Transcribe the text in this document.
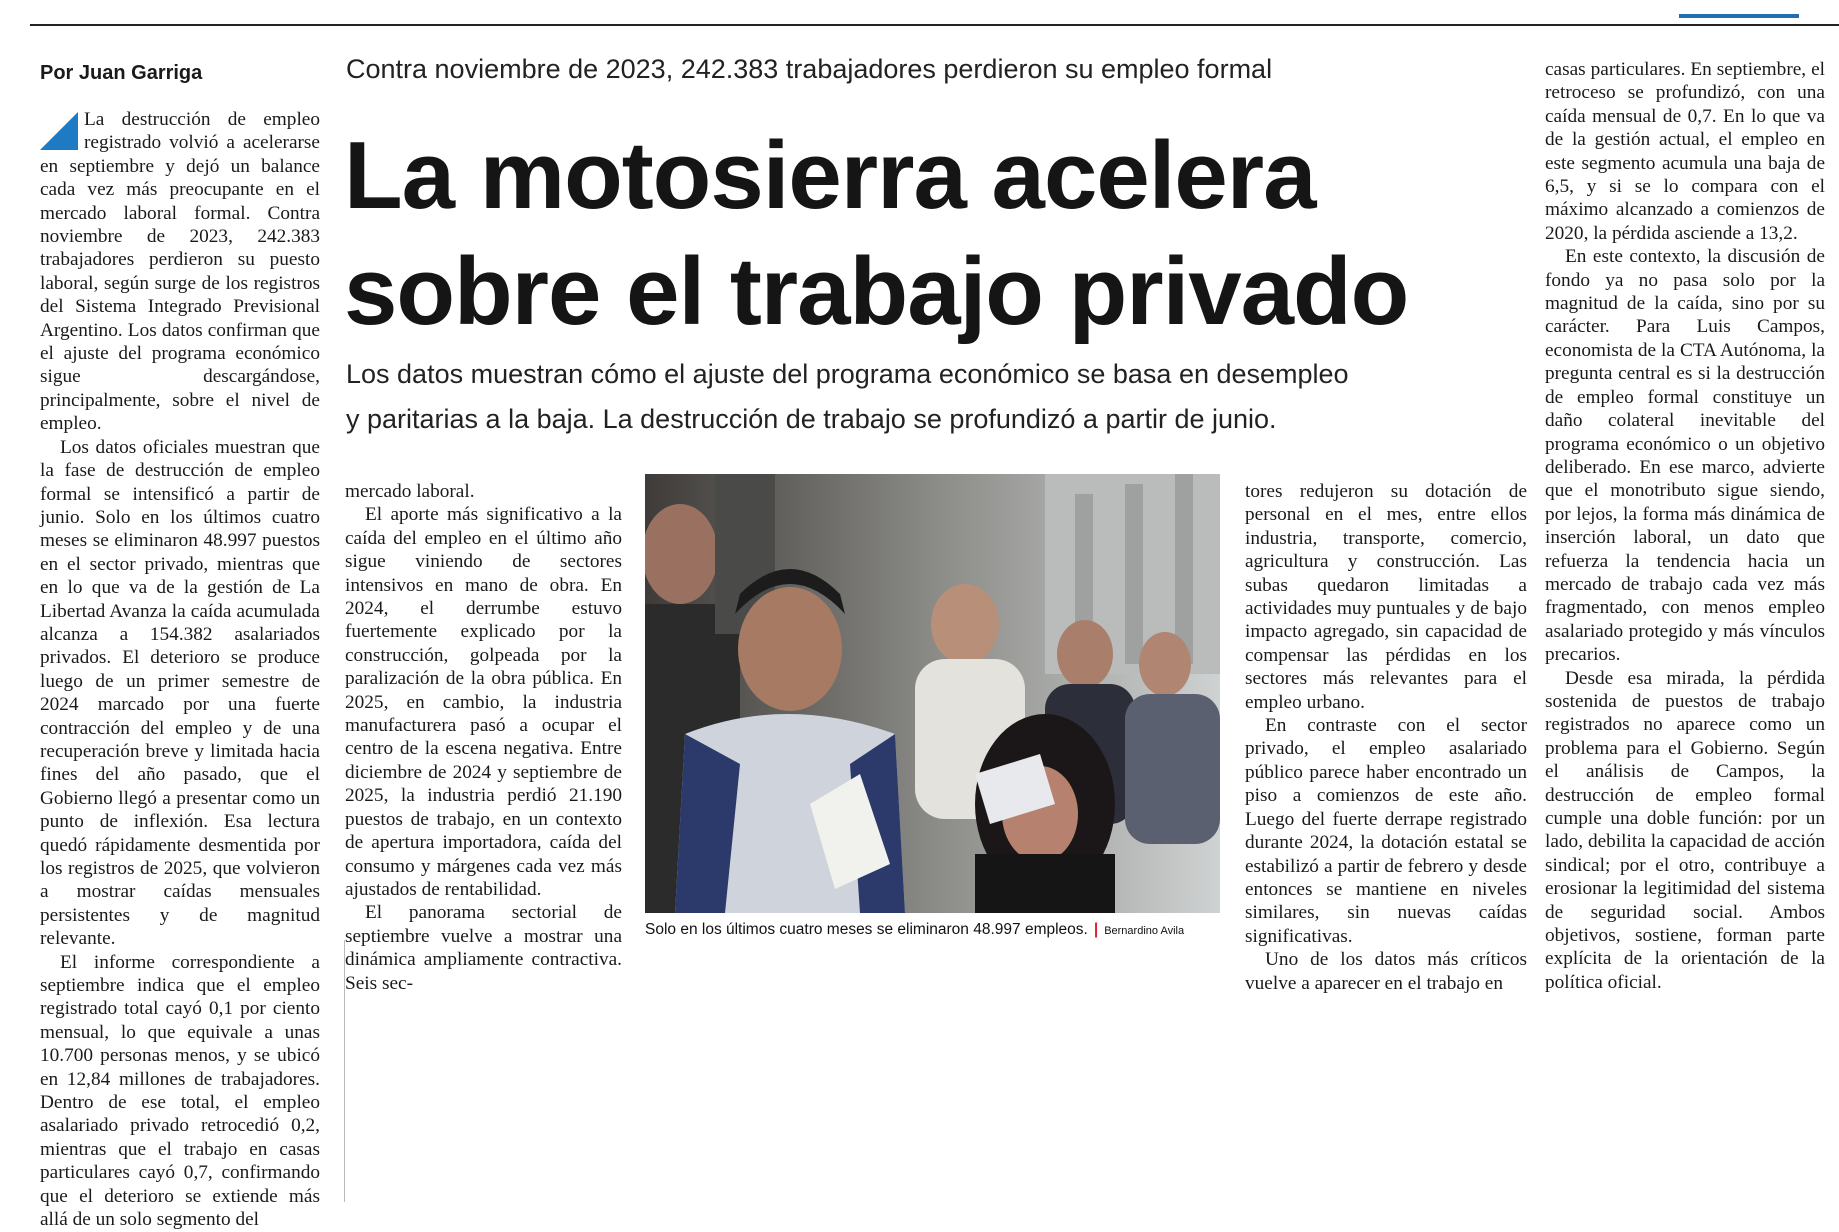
Por Juan Garriga	Contra noviembre de 2023, 242.383 trabajadores perdieron su empleo formal
La motosierra acelera
sobre el trabajo privado
Los datos muestran cómo el ajuste del programa económico se basa en desempleo
y paritarias a la baja. La destrucción de trabajo se profundizó a partir de junio.

La destrucción de empleo registrado volvió a acelerarse en septiembre y dejó un balance cada vez más preocupante en el mercado laboral formal. Contra noviembre de 2023, 242.383 trabajadores perdieron su puesto laboral, según surge de los registros del Sistema Integrado Previsional Argentino. Los datos confirman que el ajuste del programa económico sigue descargándose, principalmente, sobre el nivel de empleo.

Los datos oficiales muestran que la fase de destrucción de empleo formal se intensificó a partir de junio. Solo en los últimos cuatro meses se eliminaron 48.997 puestos en el sector privado, mientras que en lo que va de la gestión de La Libertad Avanza la caída acumulada alcanza a 154.382 asalariados privados. El deterioro se produce luego de un primer semestre de 2024 marcado por una fuerte contracción del empleo y de una recuperación breve y limitada hacia fines del año pasado, que el Gobierno llegó a presentar como un punto de inflexión. Esa lectura quedó rápidamente desmentida por los registros de 2025, que volvieron a mostrar caídas mensuales persistentes y de magnitud relevante.

El informe correspondiente a septiembre indica que el empleo registrado total cayó 0,1 por ciento mensual, lo que equivale a unas 10.700 personas menos, y se ubicó en 12,84 millones de trabajadores. Dentro de ese total, el empleo asalariado privado retrocedió 0,2, mientras que el trabajo en casas particulares cayó 0,7, confirmando que el deterioro se extiende más allá de un solo segmento del

mercado laboral.

El aporte más significativo a la caída del empleo en el último año sigue viniendo de sectores intensivos en mano de obra. En 2024, el derrumbe estuvo fuertemente explicado por la construcción, golpeada por la paralización de la obra pública. En 2025, en cambio, la industria manufacturera pasó a ocupar el centro de la escena negativa. Entre diciembre de 2024 y septiembre de 2025, la industria perdió 21.190 puestos de trabajo, en un contexto de apertura importadora, caída del consumo y márgenes cada vez más ajustados de rentabilidad.

El panorama sectorial de septiembre vuelve a mostrar una dinámica ampliamente contractiva. Seis sec-

Solo en los últimos cuatro meses se eliminaron 48.997 empleos. | Bernardino Avila

tores redujeron su dotación de personal en el mes, entre ellos industria, transporte, comercio, agricultura y construcción. Las subas quedaron limitadas a actividades muy puntuales y de bajo impacto agregado, sin capacidad de compensar las pérdidas en los sectores más relevantes para el empleo urbano.

En contraste con el sector privado, el empleo asalariado público parece haber encontrado un piso a comienzos de este año. Luego del fuerte derrape registrado durante 2024, la dotación estatal se estabilizó a partir de febrero y desde entonces se mantiene en niveles similares, sin nuevas caídas significativas.

Uno de los datos más críticos vuelve a aparecer en el trabajo en

casas particulares. En septiembre, el retroceso se profundizó, con una caída mensual de 0,7. En lo que va de la gestión actual, el empleo en este segmento acumula una baja de 6,5, y si se lo compara con el máximo alcanzado a comienzos de 2020, la pérdida asciende a 13,2.

En este contexto, la discusión de fondo ya no pasa solo por la magnitud de la caída, sino por su carácter. Para Luis Campos, economista de la CTA Autónoma, la pregunta central es si la destrucción de empleo formal constituye un daño colateral inevitable del programa económico o un objetivo deliberado. En ese marco, advierte que el monotributo sigue siendo, por lejos, la forma más dinámica de inserción laboral, un dato que refuerza la tendencia hacia un mercado de trabajo cada vez más fragmentado, con menos empleo asalariado protegido y más vínculos precarios.

Desde esa mirada, la pérdida sostenida de puestos de trabajo registrados no aparece como un problema para el Gobierno. Según el análisis de Campos, la destrucción de empleo formal cumple una doble función: por un lado, debilita la capacidad de acción sindical; por el otro, contribuye a erosionar la legitimidad del sistema de seguridad social. Ambos objetivos, sostiene, forman parte explícita de la orientación de la política oficial.
